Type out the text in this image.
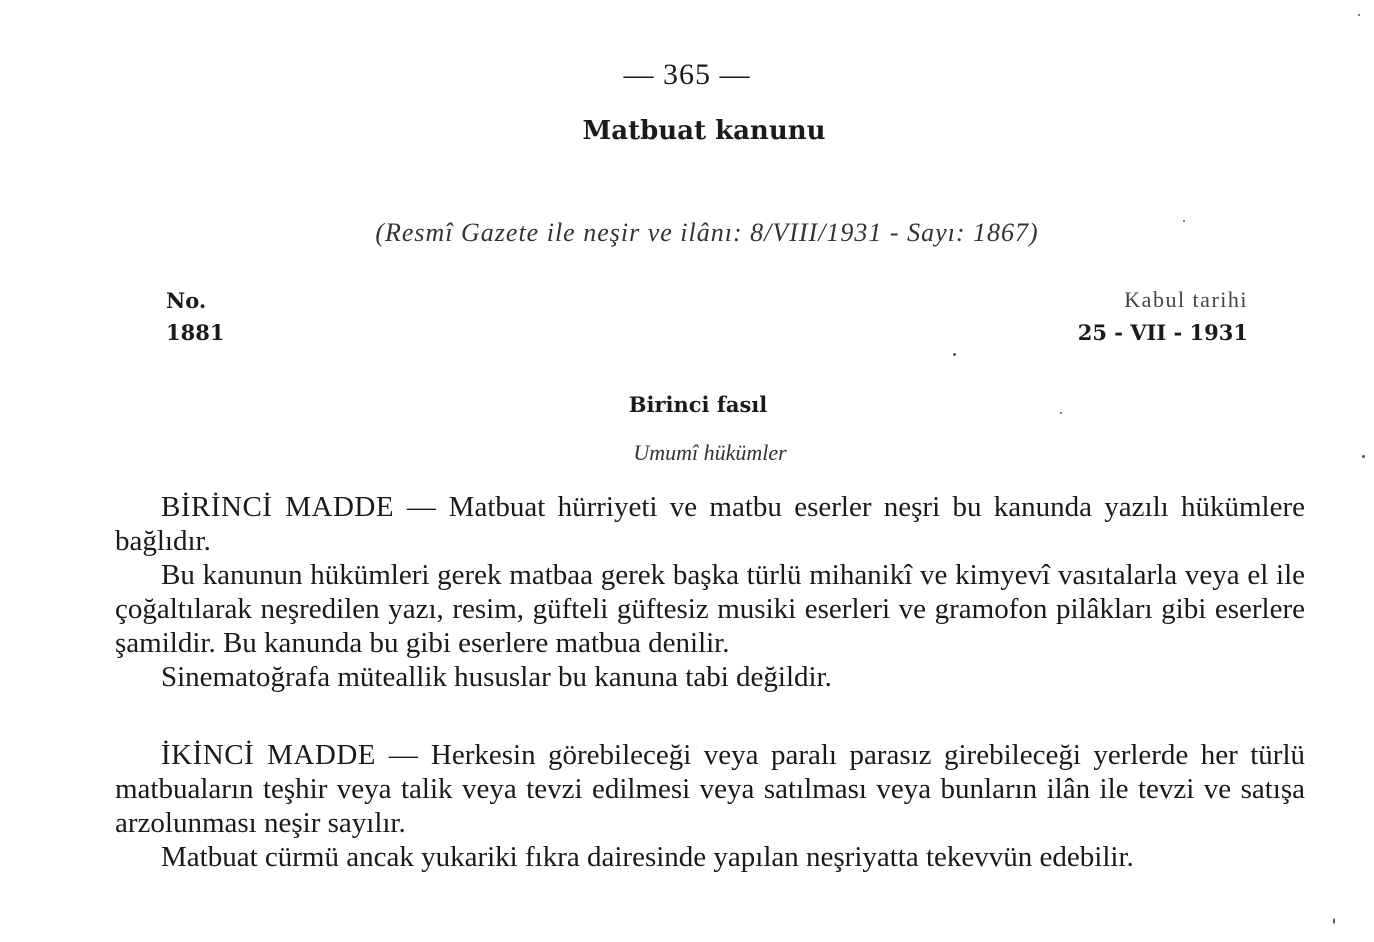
— 365 —
Matbuat kanunu
(Resmî Gazete ile neşir ve ilânı: 8/VIII/1931 - Sayı: 1867)
No.
1881
Kabul tarihi
25 - VII - 1931
Birinci fasıl
Umumî hükümler

BİRİNCİ MADDE — Matbuat hürriyeti ve matbu eserler neşri bu kanunda yazılı hükümlere bağlıdır.

Bu kanunun hükümleri gerek matbaa gerek başka türlü mihanikî ve kimyevî vasıtalarla veya el ile çoğaltılarak neşredilen yazı, resim, güfteli güftesiz musiki eserleri ve gramofon pilâkları gibi eserlere şamildir. Bu kanunda bu gibi eserlere matbua denilir.

Sinematoğrafa müteallik hususlar bu kanuna tabi değildir.

İKİNCİ MADDE — Herkesin görebileceği veya paralı parasız girebileceği yerlerde her türlü matbuaların teşhir veya talik veya tevzi edilmesi veya satılması veya bunların ilân ile tevzi ve satışa arzolunması neşir sayılır.

Matbuat cürmü ancak yukariki fıkra dairesinde yapılan neşriyatta tekevvün edebilir.
